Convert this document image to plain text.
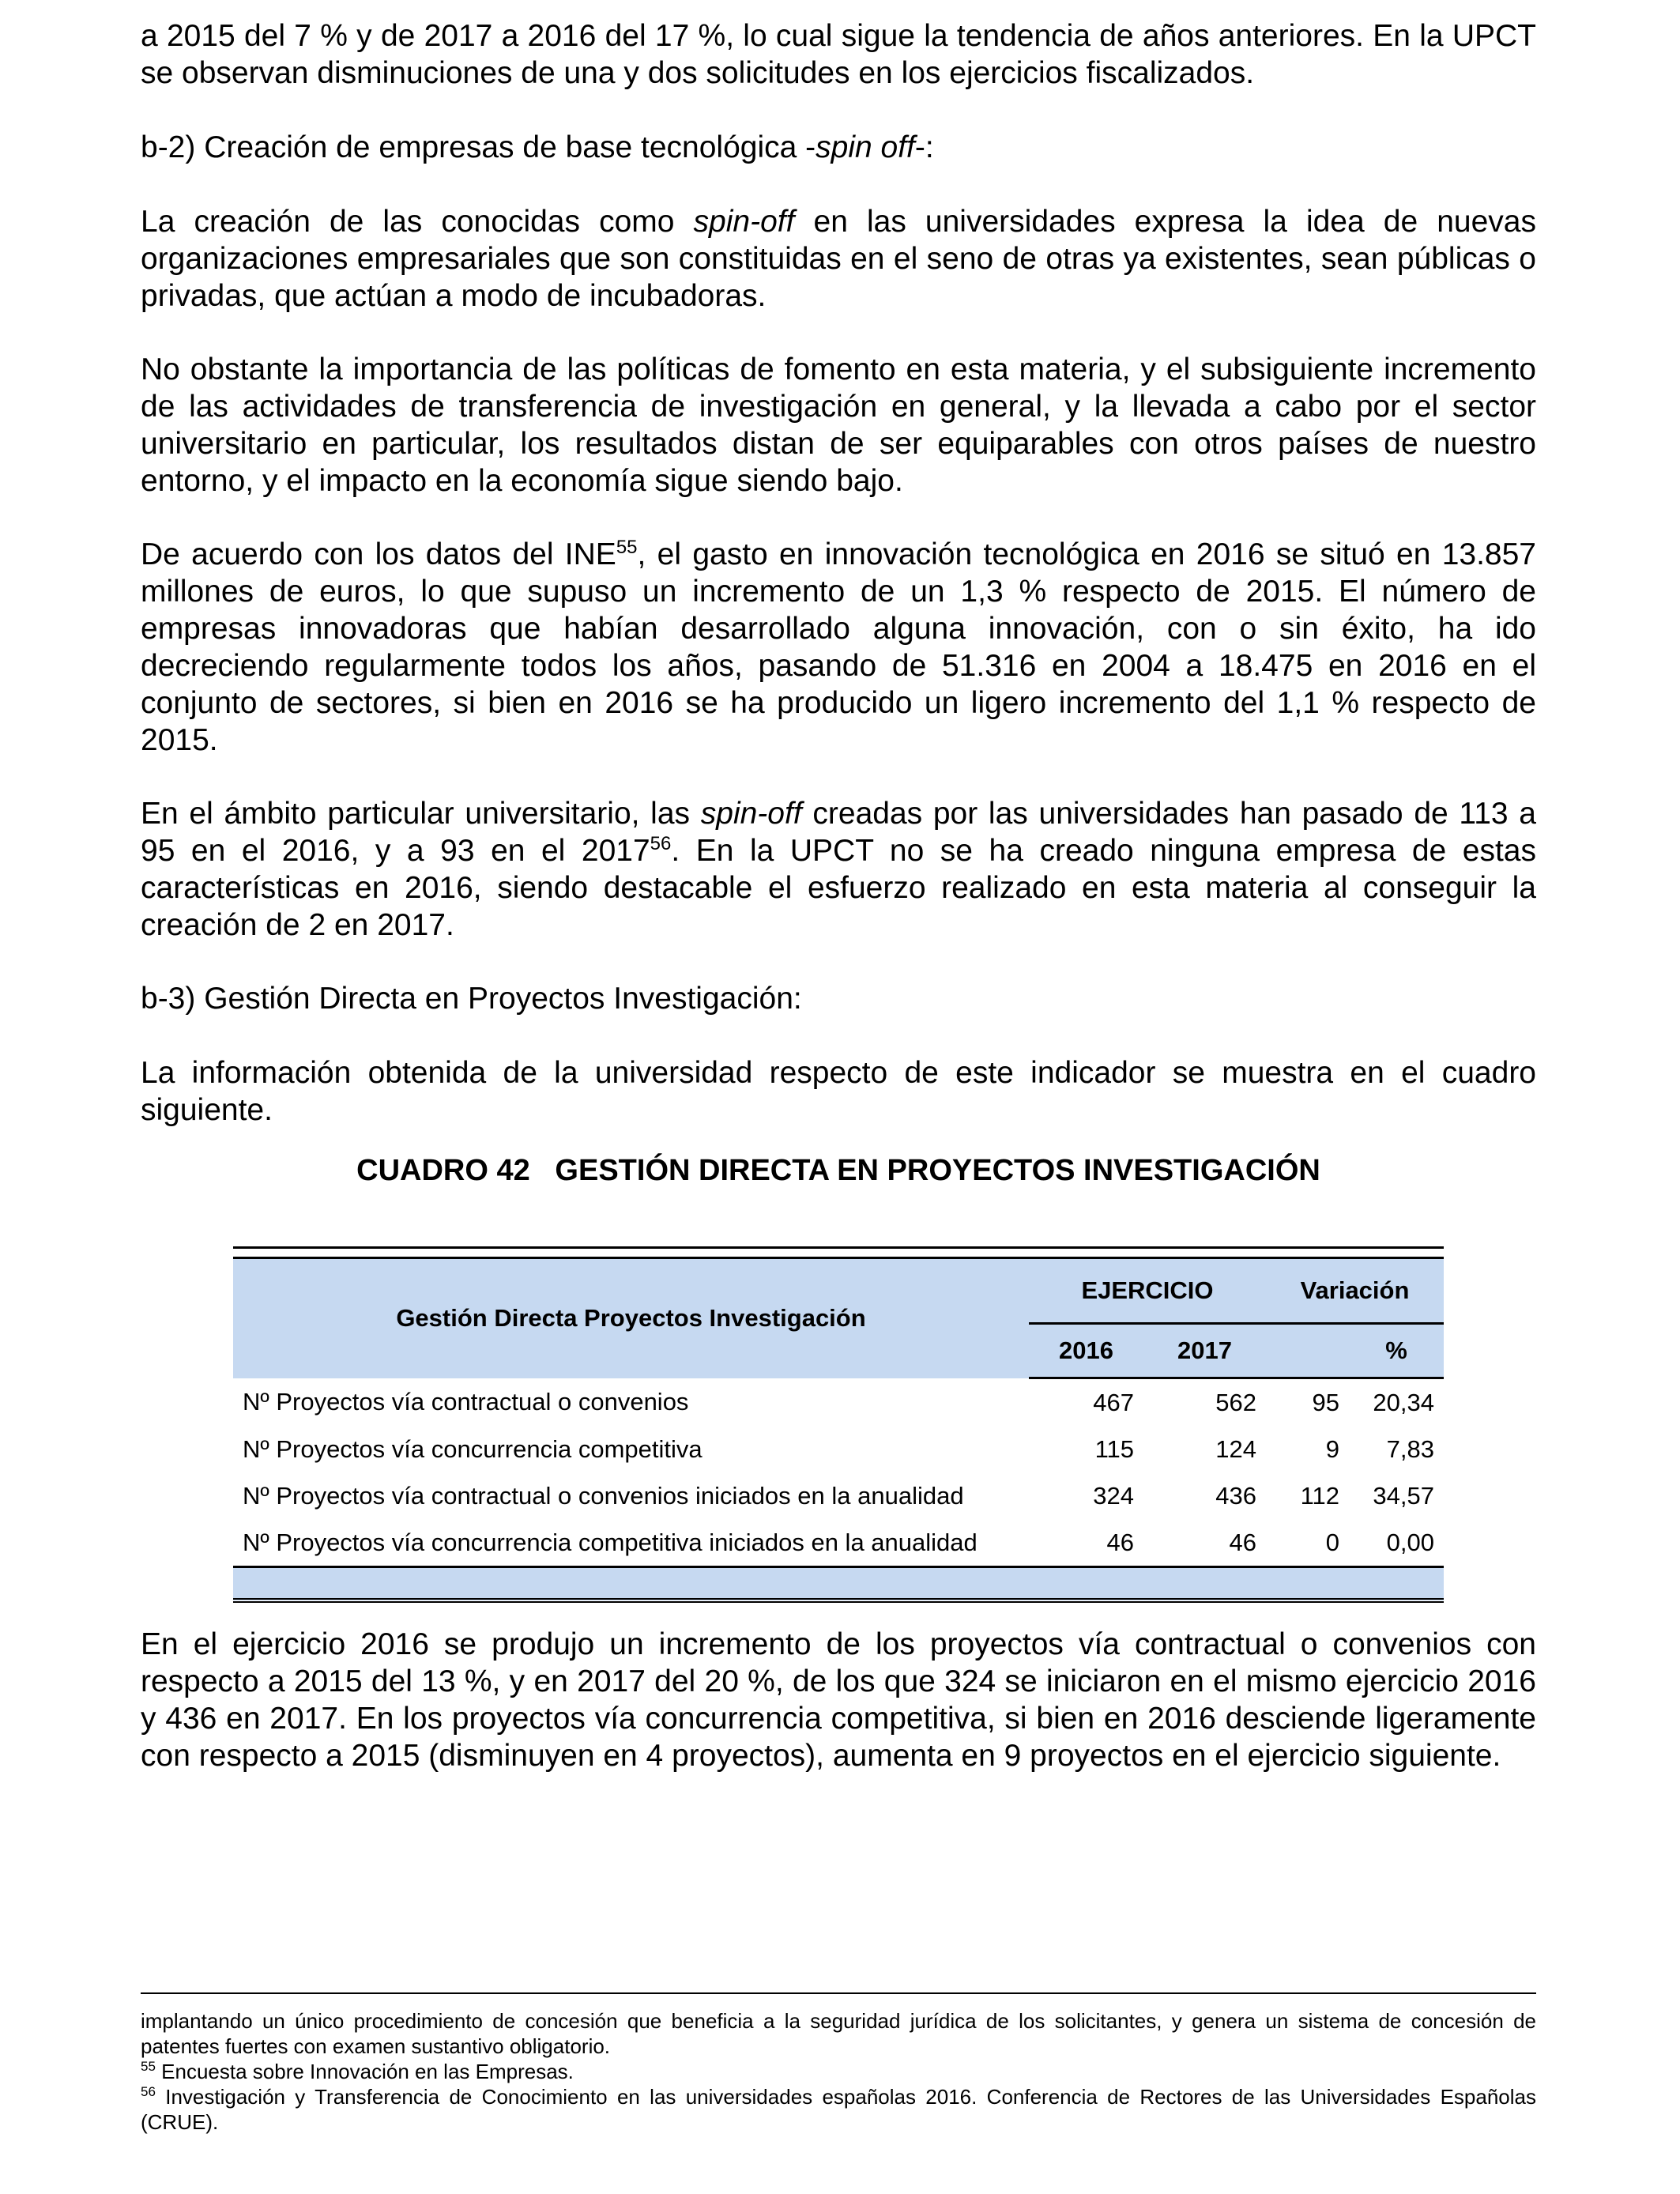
a 2015 del 7 % y de 2017 a 2016 del 17 %, lo cual sigue la tendencia de años anteriores. En la UPCT se observan disminuciones de una y dos solicitudes en los ejercicios fiscalizados.

b-2) Creación de empresas de base tecnológica -spin off-:

La creación de las conocidas como spin-off en las universidades expresa la idea de nuevas organizaciones empresariales que son constituidas en el seno de otras ya existentes, sean públicas o privadas, que actúan a modo de incubadoras.

No obstante la importancia de las políticas de fomento en esta materia, y el subsiguiente incremento de las actividades de transferencia de investigación en general, y la llevada a cabo por el sector universitario en particular, los resultados distan de ser equiparables con otros países de nuestro entorno, y el impacto en la economía sigue siendo bajo.

De acuerdo con los datos del INE$^{55}$, el gasto en innovación tecnológica en 2016 se situó en 13.857 millones de euros, lo que supuso un incremento de un 1,3 % respecto de 2015. El número de empresas innovadoras que habían desarrollado alguna innovación, con o sin éxito, ha ido decreciendo regularmente todos los años, pasando de 51.316 en 2004 a 18.475 en 2016 en el conjunto de sectores, si bien en 2016 se ha producido un ligero incremento del 1,1 % respecto de 2015.

En el ámbito particular universitario, las spin-off creadas por las universidades han pasado de 113 a 95 en el 2016, y a 93 en el 2017$^{56}$. En la UPCT no se ha creado ninguna empresa de estas características en 2016, siendo destacable el esfuerzo realizado en esta materia al conseguir la creación de 2 en 2017.

b-3) Gestión Directa en Proyectos Investigación:

La información obtenida de la universidad respecto de este indicador se muestra en el cuadro siguiente.

CUADRO 42   GESTIÓN DIRECTA EN PROYECTOS INVESTIGACIÓN

Gestión Directa Proyectos Investigación	EJERCICIO		Variación	
	2016	2017		%
Nº Proyectos vía contractual o convenios	467	562	95	20,34
Nº Proyectos vía concurrencia competitiva	115	124	9	7,83
Nº Proyectos vía contractual o convenios iniciados en la anualidad	324	436	112	34,57
Nº Proyectos vía concurrencia competitiva iniciados en la anualidad	46	46	0	0,00

En el ejercicio 2016 se produjo un incremento de los proyectos vía contractual o convenios con respecto a 2015 del 13 %, y en 2017 del 20 %, de los que 324 se iniciaron en el mismo ejercicio 2016 y 436 en 2017. En los proyectos vía concurrencia competitiva, si bien en 2016 desciende ligeramente con respecto a 2015 (disminuyen en 4 proyectos), aumenta en 9 proyectos en el ejercicio siguiente.

implantando un único procedimiento de concesión que beneficia a la seguridad jurídica de los solicitantes, y genera un sistema de concesión de patentes fuertes con examen sustantivo obligatorio.

$^{55}$ Encuesta sobre Innovación en las Empresas.

$^{56}$ Investigación y Transferencia de Conocimiento en las universidades españolas 2016. Conferencia de Rectores de las Universidades Españolas (CRUE).
